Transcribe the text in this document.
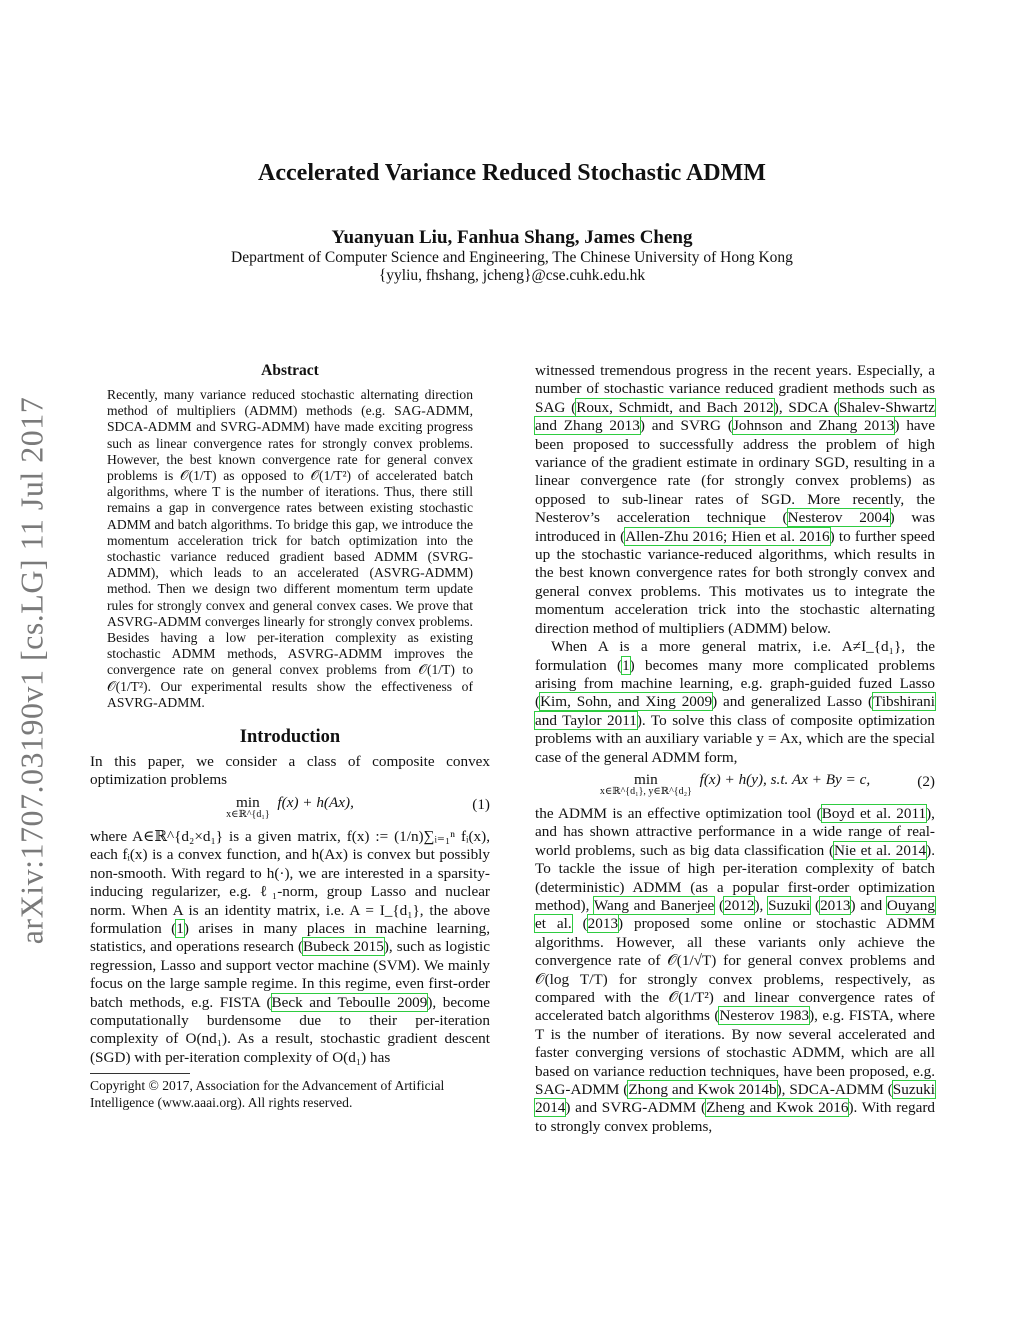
arXiv:1707.03190v1 [cs.LG] 11 Jul 2017
Accelerated Variance Reduced Stochastic ADMM
Yuanyuan Liu, Fanhua Shang, James Cheng
Department of Computer Science and Engineering, The Chinese University of Hong Kong
{yyliu, fhshang, jcheng}@cse.cuhk.edu.hk
Abstract

Recently, many variance reduced stochastic alternating direction method of multipliers (ADMM) methods (e.g. SAG-ADMM, SDCA-ADMM and SVRG-ADMM) have made exciting progress such as linear convergence rates for strongly convex problems. However, the best known convergence rate for general convex problems is 𝒪(1/T) as opposed to 𝒪(1/T²) of accelerated batch algorithms, where T is the number of iterations. Thus, there still remains a gap in convergence rates between existing stochastic ADMM and batch algorithms. To bridge this gap, we introduce the momentum acceleration trick for batch optimization into the stochastic variance reduced gradient based ADMM (SVRG-ADMM), which leads to an accelerated (ASVRG-ADMM) method. Then we design two different momentum term update rules for strongly convex and general convex cases. We prove that ASVRG-ADMM converges linearly for strongly convex problems. Besides having a low per-iteration complexity as existing stochastic ADMM methods, ASVRG-ADMM improves the convergence rate on general convex problems from 𝒪(1/T) to 𝒪(1/T²). Our experimental results show the effectiveness of ASVRG-ADMM.

Introduction

In this paper, we consider a class of composite convex optimization problems

min
x∈ℝ^{d₁}
f(x) + h(Ax),	(1)

where A∈ℝ^{d₂×d₁} is a given matrix, f(x) := (1/n)∑ᵢ₌₁ⁿ fᵢ(x), each fᵢ(x) is a convex function, and h(Ax) is convex but possibly non-smooth. With regard to h(·), we are interested in a sparsity-inducing regularizer, e.g. ℓ₁-norm, group Lasso and nuclear norm. When A is an identity matrix, i.e. A = I_{d₁}, the above formulation (1) arises in many places in machine learning, statistics, and operations research (Bubeck 2015), such as logistic regression, Lasso and support vector machine (SVM). We mainly focus on the large sample regime. In this regime, even first-order batch methods, e.g. FISTA (Beck and Teboulle 2009), become computationally burdensome due to their per-iteration complexity of O(nd₁). As a result, stochastic gradient descent (SGD) with per-iteration complexity of O(d₁) has

Copyright © 2017, Association for the Advancement of Artificial Intelligence (www.aaai.org). All rights reserved.

witnessed tremendous progress in the recent years. Especially, a number of stochastic variance reduced gradient methods such as SAG (Roux, Schmidt, and Bach 2012), SDCA (Shalev-Shwartz and Zhang 2013) and SVRG (Johnson and Zhang 2013) have been proposed to successfully address the problem of high variance of the gradient estimate in ordinary SGD, resulting in a linear convergence rate (for strongly convex problems) as opposed to sub-linear rates of SGD. More recently, the Nesterov’s acceleration technique (Nesterov 2004) was introduced in (Allen-Zhu 2016; Hien et al. 2016) to further speed up the stochastic variance-reduced algorithms, which results in the best known convergence rates for both strongly convex and general convex problems. This motivates us to integrate the momentum acceleration trick into the stochastic alternating direction method of multipliers (ADMM) below.

When A is a more general matrix, i.e. A≠I_{d₁}, the formulation (1) becomes many more complicated problems arising from machine learning, e.g. graph-guided fuzed Lasso (Kim, Sohn, and Xing 2009) and generalized Lasso (Tibshirani and Taylor 2011). To solve this class of composite optimization problems with an auxiliary variable y = Ax, which are the special case of the general ADMM form,

min
x∈ℝ^{d₁}, y∈ℝ^{d₂}
f(x) + h(y), s.t. Ax + By = c,	(2)

the ADMM is an effective optimization tool (Boyd et al. 2011), and has shown attractive performance in a wide range of real-world problems, such as big data classification (Nie et al. 2014). To tackle the issue of high per-iteration complexity of batch (deterministic) ADMM (as a popular first-order optimization method), Wang and Banerjee (2012), Suzuki (2013) and Ouyang et al. (2013) proposed some online or stochastic ADMM algorithms. However, all these variants only achieve the convergence rate of 𝒪(1/√T) for general convex problems and 𝒪(log T/T) for strongly convex problems, respectively, as compared with the 𝒪(1/T²) and linear convergence rates of accelerated batch algorithms (Nesterov 1983), e.g. FISTA, where T is the number of iterations. By now several accelerated and faster converging versions of stochastic ADMM, which are all based on variance reduction techniques, have been proposed, e.g. SAG-ADMM (Zhong and Kwok 2014b), SDCA-ADMM (Suzuki 2014) and SVRG-ADMM (Zheng and Kwok 2016). With regard to strongly convex problems,
